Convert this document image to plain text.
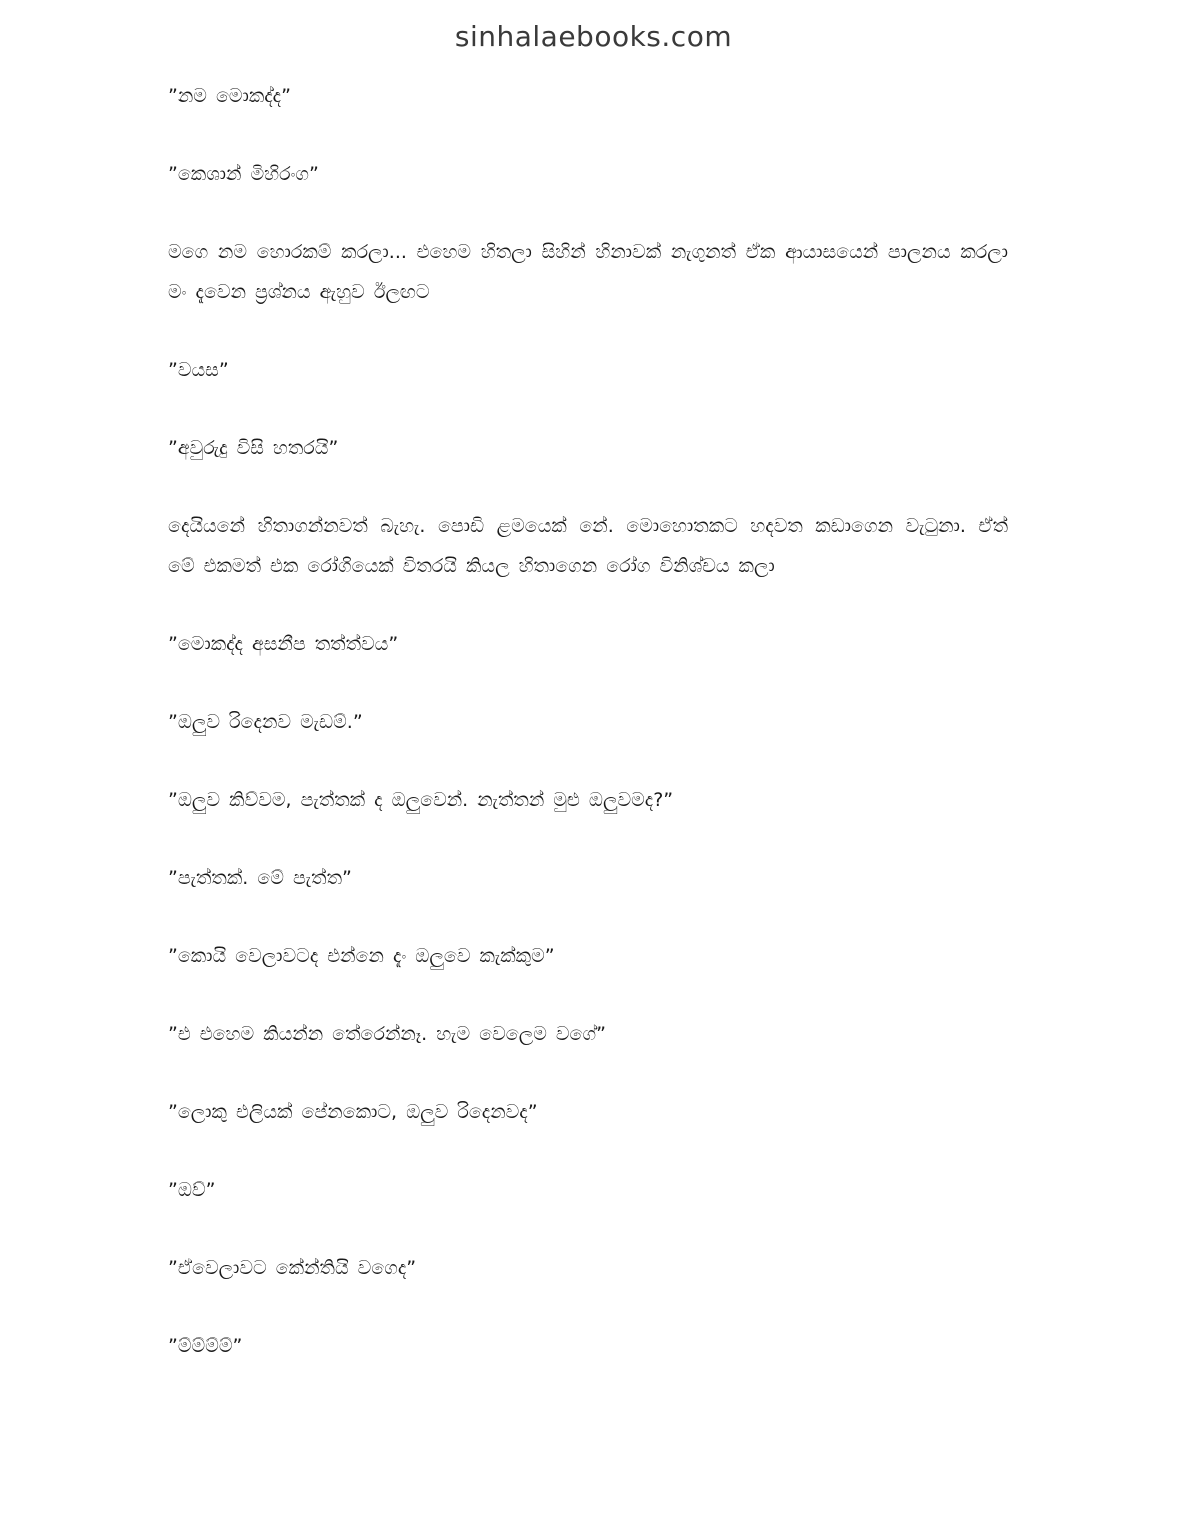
sinhalaebooks.com

”නම මොකද්ද”

”කෙශාන් මිහිරංග”

මගෙ නම හොරකම් කරලා... එහෙම හිතලා සිහින් හිනාවක් නැගුනත් ඒක ආයාසයෙන් පාලනය කරලා මං දැවෙන ප්‍රශ්නය ඇහුව ඊලඟට

”වයස”

”අවුරුදු විසි හතරයි”

දෙයියනේ හිතාගන්නවත් බැහැ. පොඩි ළමයෙක් නේ. මොහොතකට හදවත කඩාගෙන වැටුනා. ඒත් මේ එකමත් එක රෝගියෙක් විතරයි කියල හිතාගෙන රෝග විනිශ්චය කලා

”මොකද්ද අසනීප තත්ත්වය”

”ඔලුව රිදෙනව මැඩම්.”

”ඔලුව කිව්වම, පැත්තක් ද ඔලුවෙන්. නැත්තන් මුළු ඔලුවමද?”

”පැත්තක්. මේ පැත්ත”

”කොයි වෙලාවටද එන්නෙ දැං ඔලුවෙ කැක්කුම”

”එ එහෙම කියන්න තේරෙන්නෑ. හැම වෙලෙම වගේ”

”ලොකු එලියක් පේනකොට, ඔලුව රිදෙනවද”

”ඔව්”

”ඒවෙලාවට කේන්තියි වගෙද”

”ම්ම්ම්ම්”
